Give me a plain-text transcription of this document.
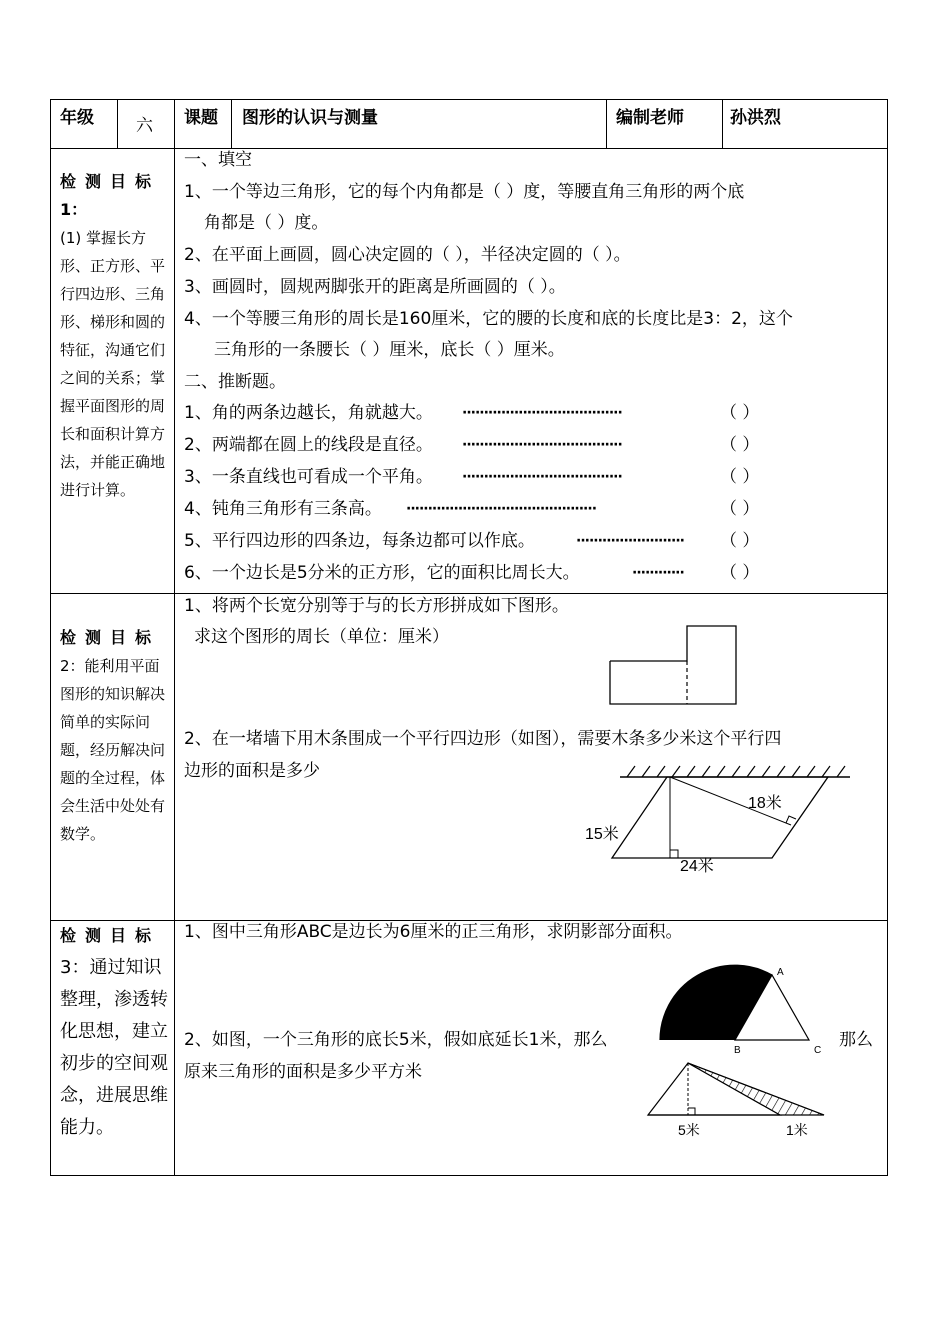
年级 六 课题 图形的认识与测量	编制老师	孙洪烈
检测目标
1：
(1) 掌握长方形、正方形、平行四边形、三角形、梯形和圆的特征，沟通它们之间的关系；掌握平面图形的周长和面积计算方法，并能正确地进行计算。
一、填空
1、一个等边三角形，它的每个内角都是（ ）度，等腰直角三角形的两个底
角都是（ ）度。
2、在平面上画圆，圆心决定圆的（ ），半径决定圆的（ ）。
3、画圆时，圆规两脚张开的距离是所画圆的（ ）。
4、一个等腰三角形的周长是160厘米，它的腰的长度和底的长度比是3：2，这个
三角形的一条腰长（ ）厘米，底长（ ）厘米。
二、推断题。
1、角的两条边越长，角就越大。 ·····································	（ ）
2、两端都在圆上的线段是直径。 ·····································	（ ）
3、一条直线也可看成一个平角。 ·····································	（ ）
4、钝角三角形有三条高。 ············································	（ ）
5、平行四边形的四条边，每条边都可以作底。	························· （ ）
6、一个边长是5分米的正方形，它的面积比周长大。	············ （ ）
检测目标
2：能利用平面图形的知识解决简单的实际问题，经历解决问题的全过程，体会生活中处处有数学。
1、将两个长宽分别等于与的长方形拼成如下图形。
求这个图形的周长（单位：厘米）
2、在一堵墙下用木条围成一个平行四边形（如图），需要木条多少米这个平行四
边形的面积是多少
18米
15米
24米
检测目标
3：通过知识整理，渗透转化思想，建立初步的空间观念，进展思维能力。
1、图中三角形ABC是边长为6厘米的正三角形，求阴影部分面积。
A
B	C
2、如图，一个三角形的底长5米，假如底延长1米，那么	那么
原来三角形的面积是多少平方米
5米	1米
